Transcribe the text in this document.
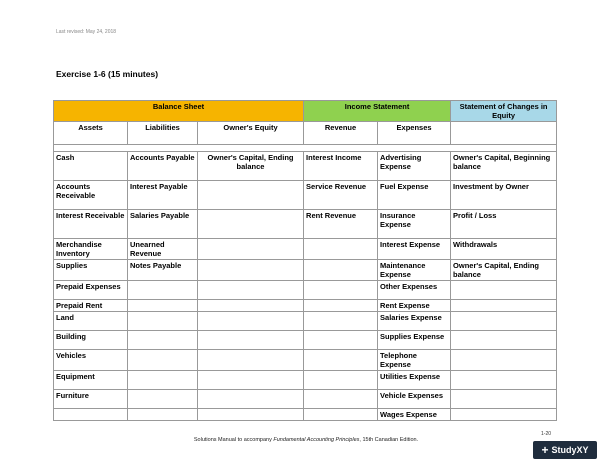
Last revised: May 24, 2018
Exercise 1-6 (15 minutes)
Balance Sheet			Income Statement		Statement of Changes in Equity
Assets	Liabilities	Owner's Equity	Revenue	Expenses	

Cash	Accounts Payable	Owner's Capital, Ending balance	Interest Income	Advertising Expense	Owner's Capital, Beginning balance
Accounts Receivable	Interest Payable		Service Revenue	Fuel Expense	Investment by Owner
Interest Receivable	Salaries Payable		Rent Revenue	Insurance Expense	Profit / Loss
Merchandise Inventory	Unearned Revenue			Interest Expense	Withdrawals
Supplies	Notes Payable			Maintenance Expense	Owner's Capital, Ending balance
Prepaid Expenses				Other Expenses	
Prepaid Rent				Rent Expense	
Land				Salaries Expense	
Building				Supplies Expense	
Vehicles				Telephone Expense	
Equipment				Utilities Expense	
Furniture				Vehicle Expenses	
				Wages Expense	
Solutions Manual to accompany Fundamental Accounting Principles, 15th Canadian Edition.
1-20
+ StudyXY
